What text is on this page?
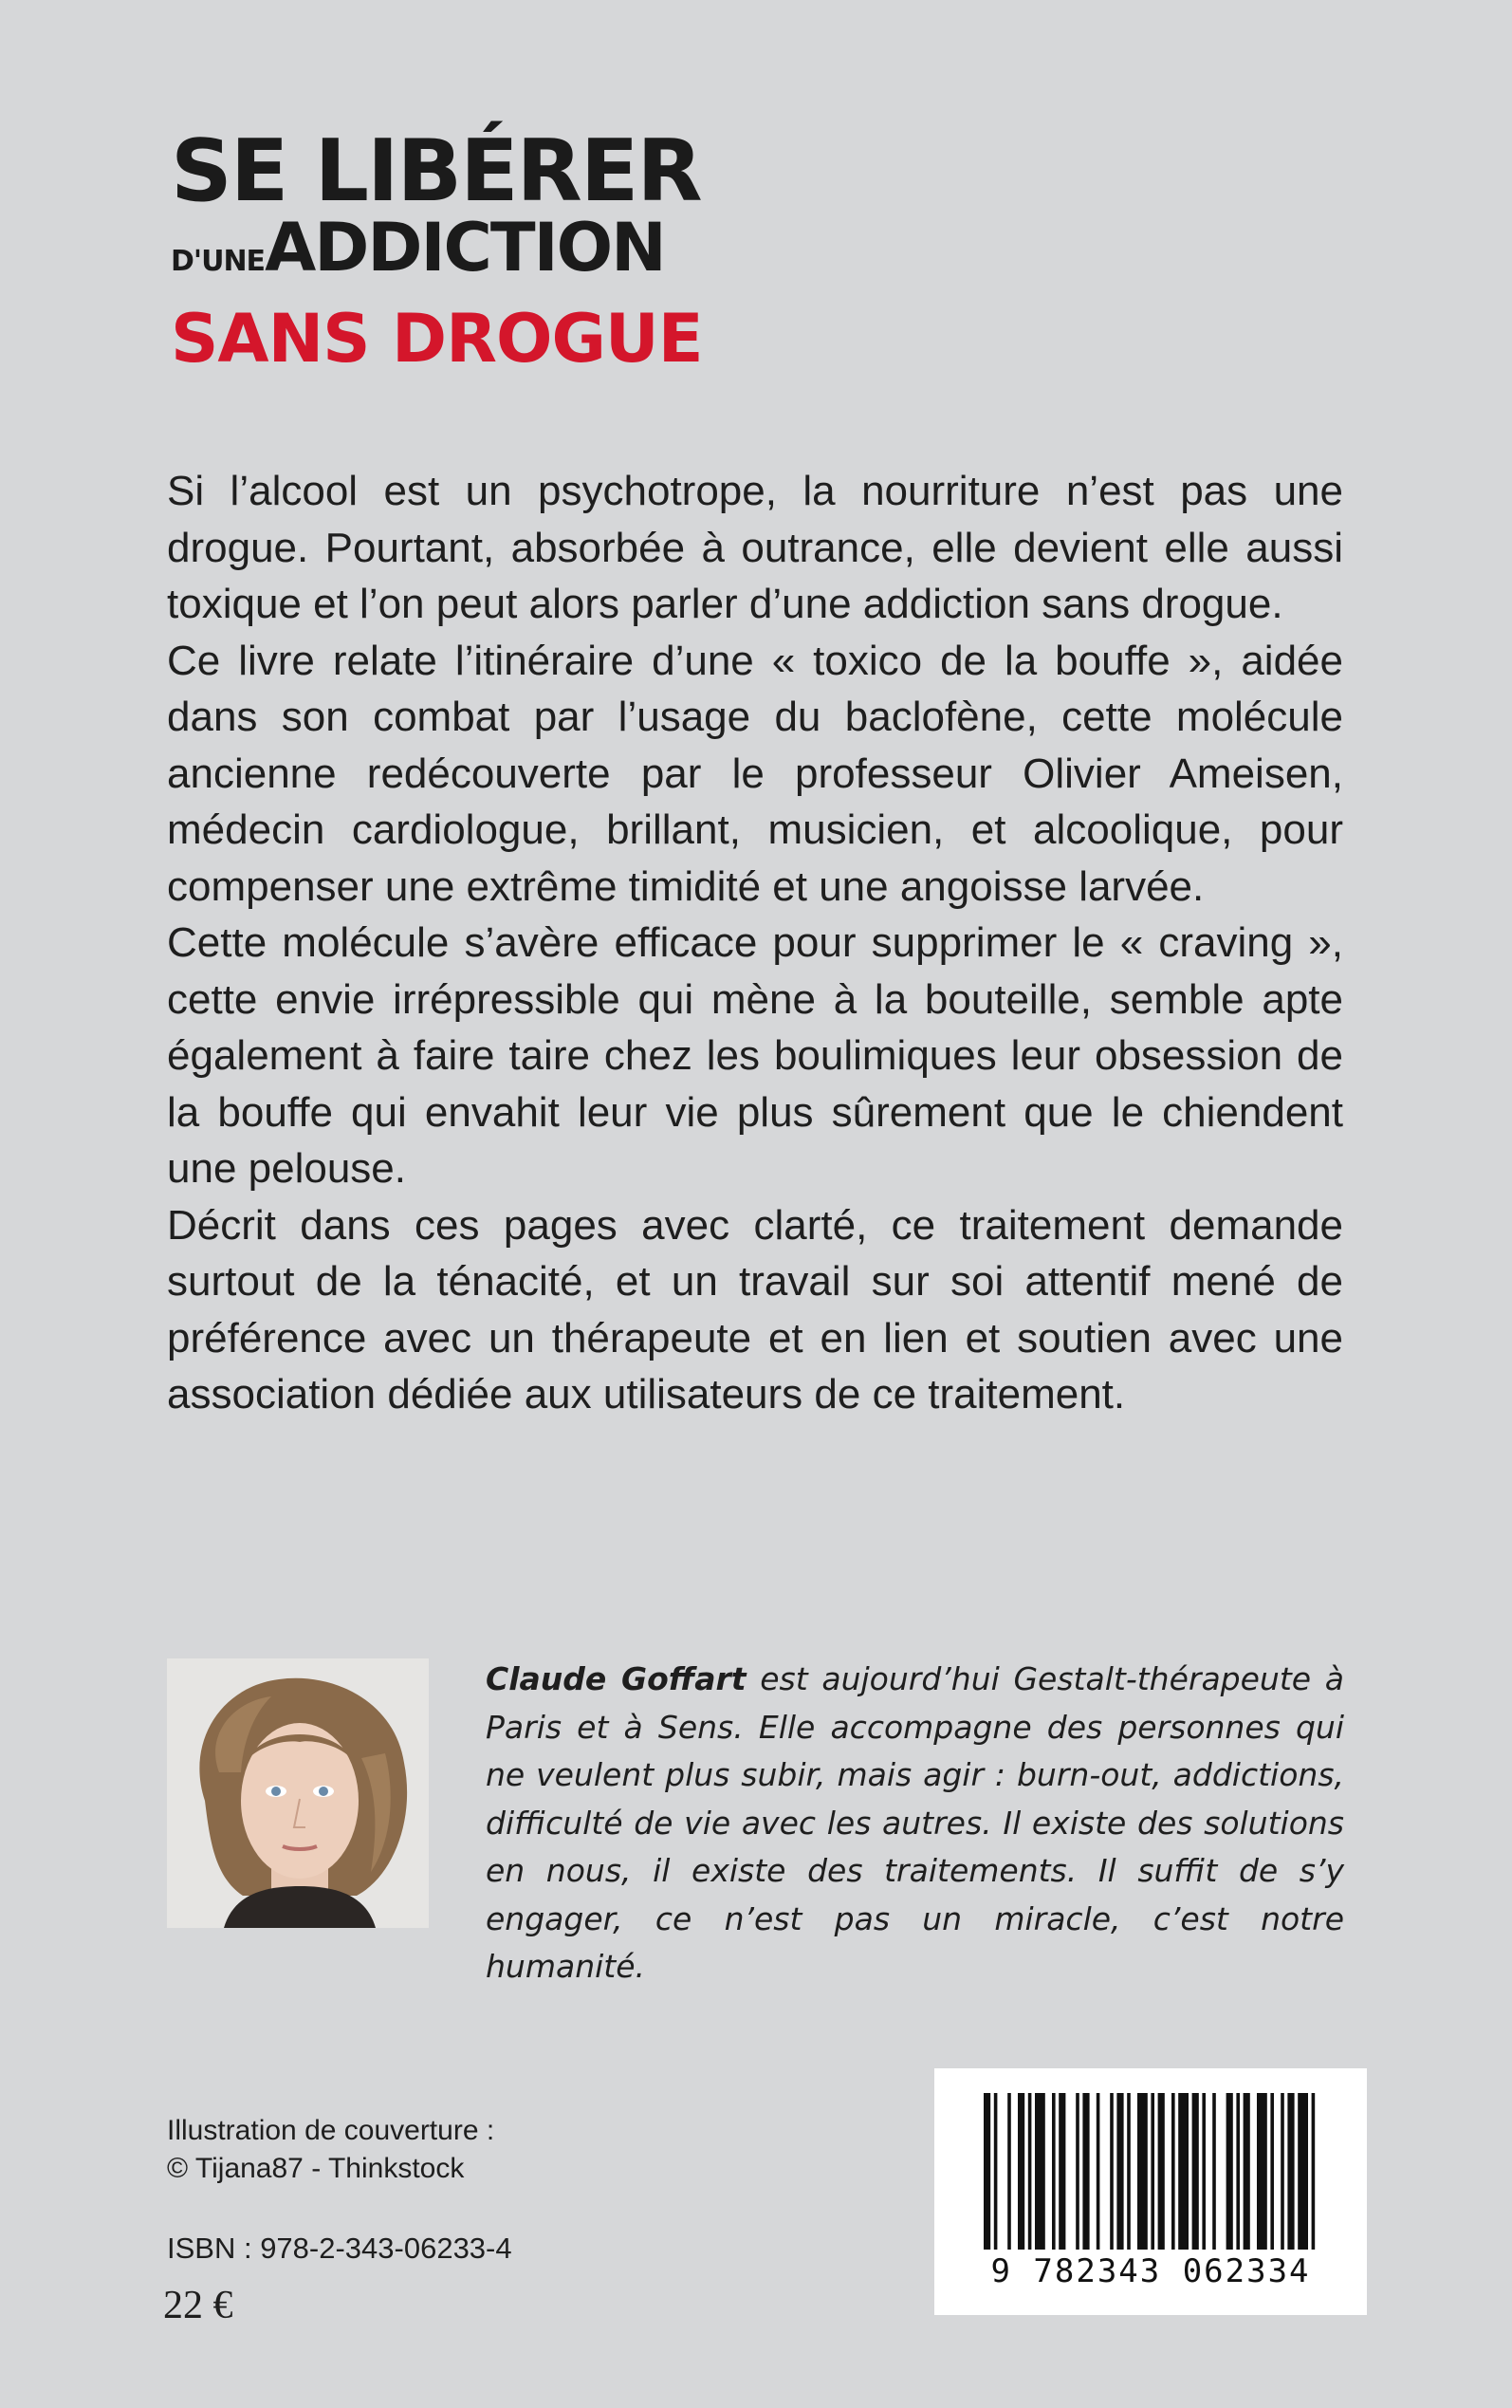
SE LIBÉRER
D'UNEADDICTION
SANS DROGUE

Si l’alcool est un psychotrope, la nourriture n’est pas une drogue. Pourtant, absorbée à outrance, elle devient elle aussi toxique et l’on peut alors parler d’une addiction sans drogue.

Ce livre relate l’itinéraire d’une « toxico de la bouffe », aidée dans son combat par l’usage du baclofène, cette molécule ancienne redécouverte par le professeur Olivier Ameisen, médecin cardiologue, brillant, musicien, et alcoolique, pour compenser une extrême timidité et une angoisse larvée.

Cette molécule s’avère efficace pour supprimer le « craving », cette envie irrépressible qui mène à la bouteille, semble apte également à faire taire chez les boulimiques leur obsession de la bouffe qui envahit leur vie plus sûrement que le chiendent une pelouse.

Décrit dans ces pages avec clarté, ce traitement demande surtout de la ténacité, et un travail sur soi attentif mené de préférence avec un thérapeute et en lien et soutien avec une association dédiée aux utilisateurs de ce traitement.

Claude Goffart est aujourd’hui Gestalt-thérapeute à Paris et à Sens. Elle accompagne des personnes qui ne veulent plus subir, mais agir : burn-out, addictions, difficulté de vie avec les autres. Il existe des solutions en nous, il existe des traitements. Il suffit de s’y engager, ce n’est pas un miracle, c’est notre humanité.
Illustration de couverture :
© Tijana87 - Thinkstock
ISBN : 978-2-343-06233-4
22 €
9 782343 062334
